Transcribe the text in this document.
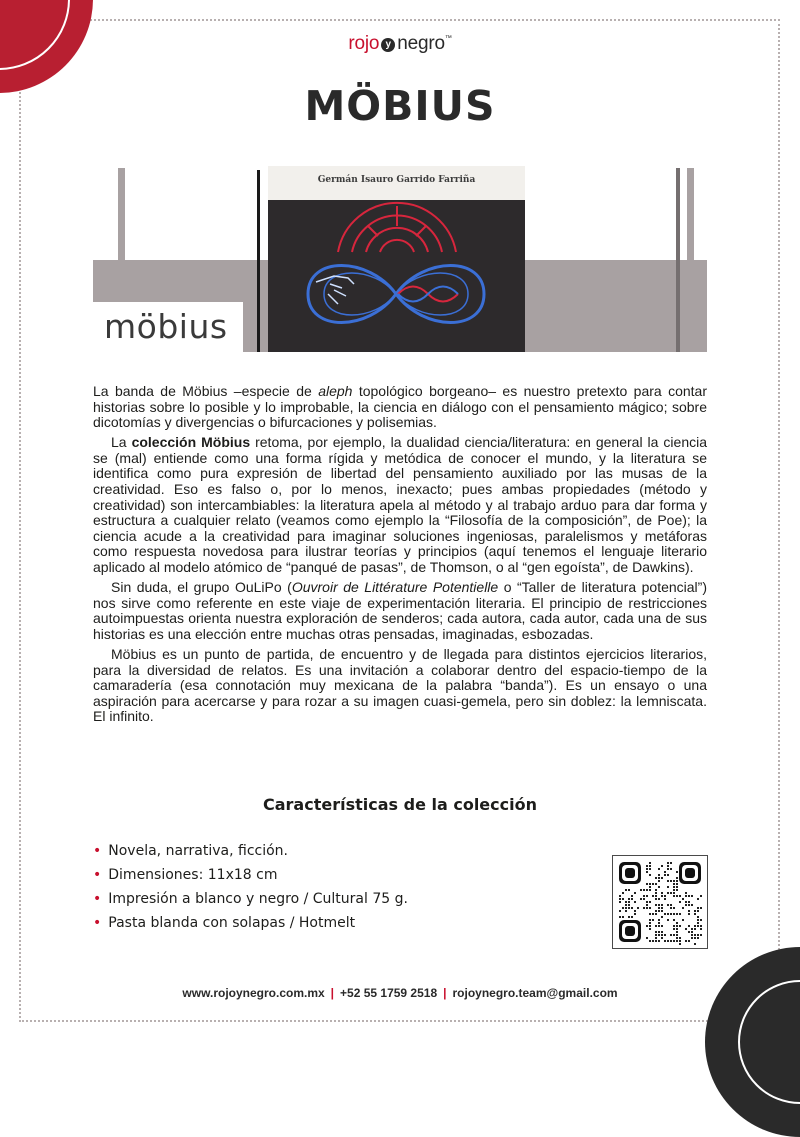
rojo y negro™
MÖBIUS
möbius
Germán Isauro Garrido Farriña

La banda de Möbius –especie de aleph topológico borgeano– es nuestro pretexto para contar historias sobre lo posible y lo improbable, la ciencia en diálogo con el pensamiento mágico; sobre dicotomías y divergencias o bifurcaciones y polisemias.

La colección Möbius retoma, por ejemplo, la dualidad ciencia/literatura: en general la ciencia se (mal) entiende como una forma rígida y metódica de conocer el mundo, y la literatura se identifica como pura expresión de libertad del pensamiento auxiliado por las musas de la creatividad. Eso es falso o, por lo menos, inexacto; pues ambas propiedades (método y creatividad) son intercambiables: la literatura apela al método y al trabajo arduo para dar forma y estructura a cualquier relato (veamos como ejemplo la “Filosofía de la composición”, de Poe); la ciencia acude a la creatividad para imaginar soluciones ingeniosas, paralelismos y metáforas como respuesta novedosa para ilustrar teorías y principios (aquí tenemos el lenguaje literario aplicado al modelo atómico de “panqué de pasas”, de Thomson, o al “gen egoísta”, de Dawkins).

Sin duda, el grupo OuLiPo (Ouvroir de Littérature Potentielle o “Taller de literatura potencial”) nos sirve como referente en este viaje de experimentación literaria. El principio de restricciones autoimpuestas orienta nuestra exploración de senderos; cada autora, cada autor, cada una de sus historias es una elección entre muchas otras pensadas, imaginadas, esbozadas.

Möbius es un punto de partida, de encuentro y de llegada para distintos ejercicios literarios, para la diversidad de relatos. Es una invitación a colaborar dentro del espacio-tiempo de la camaradería (esa connotación muy mexicana de la palabra “banda”). Es un ensayo o una aspiración para acercarse y para rozar a su imagen cuasi-gemela, pero sin doblez: la lemniscata. El infinito.

Características de la colección
• Novela, narrativa, ficción.
• Dimensiones: 11x18 cm
• Impresión a blanco y negro / Cultural 75 g.
• Pasta blanda con solapas / Hotmelt
www.rojoynegro.com.mx | +52 55 1759 2518 | rojoynegro.team@gmail.com
